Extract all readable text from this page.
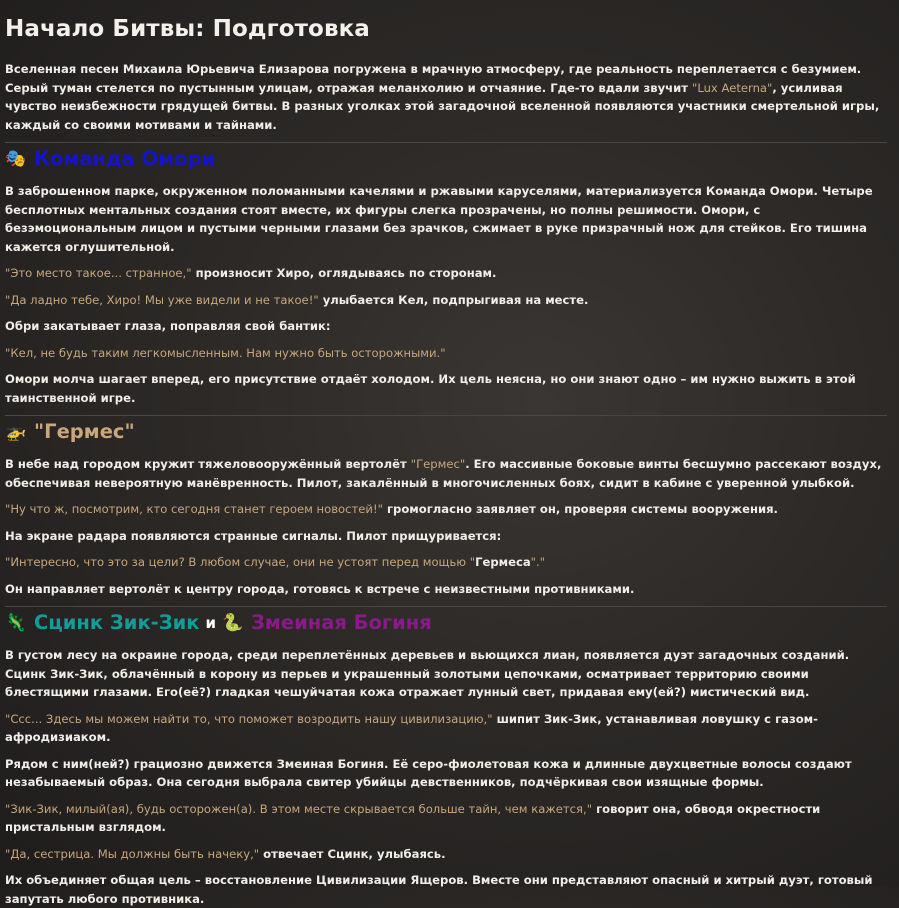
Начало Битвы: Подготовка

Вселенная песен Михаила Юрьевича Елизарова погружена в мрачную атмосферу, где реальность переплетается с безумием. Серый туман стелется по пустынным улицам, отражая меланхолию и отчаяние. Где-то вдали звучит "Lux Aeterna", усиливая чувство неизбежности грядущей битвы. В разных уголках этой загадочной вселенной появляются участники смертельной игры, каждый со своими мотивами и тайнами.

🎭 Команда Омори

В заброшенном парке, окруженном поломанными качелями и ржавыми каруселями, материализуется Команда Омори. Четыре бесплотных ментальных создания стоят вместе, их фигуры слегка прозрачены, но полны решимости. Омори, с безэмоциональным лицом и пустыми черными глазами без зрачков, сжимает в руке призрачный нож для стейков. Его тишина кажется оглушительной.

"Это место такое... странное," произносит Хиро, оглядываясь по сторонам.

"Да ладно тебе, Хиро! Мы уже видели и не такое!" улыбается Кел, подпрыгивая на месте.

Обри закатывает глаза, поправляя свой бантик:

"Кел, не будь таким легкомысленным. Нам нужно быть осторожными."

Омори молча шагает вперед, его присутствие отдаёт холодом. Их цель неясна, но они знают одно – им нужно выжить в этой таинственной игре.

🚁 "Гермес"

В небе над городом кружит тяжеловооружённый вертолёт "Гермес". Его массивные боковые винты бесшумно рассекают воздух, обеспечивая невероятную манёвренность. Пилот, закалённый в многочисленных боях, сидит в кабине с уверенной улыбкой.

"Ну что ж, посмотрим, кто сегодня станет героем новостей!" громогласно заявляет он, проверяя системы вооружения.

На экране радара появляются странные сигналы. Пилот прищуривается:

"Интересно, что это за цели? В любом случае, они не устоят перед мощью "Гермеса"."

Он направляет вертолёт к центру города, готовясь к встрече с неизвестными противниками.

🦎 Сцинк Зик-Зик и 🐍 Змеиная Богиня

В густом лесу на окраине города, среди переплетённых деревьев и вьющихся лиан, появляется дуэт загадочных созданий. Сцинк Зик-Зик, облачённый в корону из перьев и украшенный золотыми цепочками, осматривает территорию своими блестящими глазами. Его(её?) гладкая чешуйчатая кожа отражает лунный свет, придавая ему(ей?) мистический вид.

"Ссс... Здесь мы можем найти то, что поможет возродить нашу цивилизацию," шипит Зик-Зик, устанавливая ловушку с газом-афродизиаком.

Рядом с ним(ней?) грациозно движется Змеиная Богиня. Её серо-фиолетовая кожа и длинные двухцветные волосы создают незабываемый образ. Она сегодня выбрала свитер убийцы девственников, подчёркивая свои изящные формы.

"Зик-Зик, милый(ая), будь осторожен(а). В этом месте скрывается больше тайн, чем кажется," говорит она, обводя окрестности пристальным взглядом.

"Да, сестрица. Мы должны быть начеку," отвечает Сцинк, улыбаясь.

Их объединяет общая цель – восстановление Цивилизации Ящеров. Вместе они представляют опасный и хитрый дуэт, готовый запутать любого противника.
